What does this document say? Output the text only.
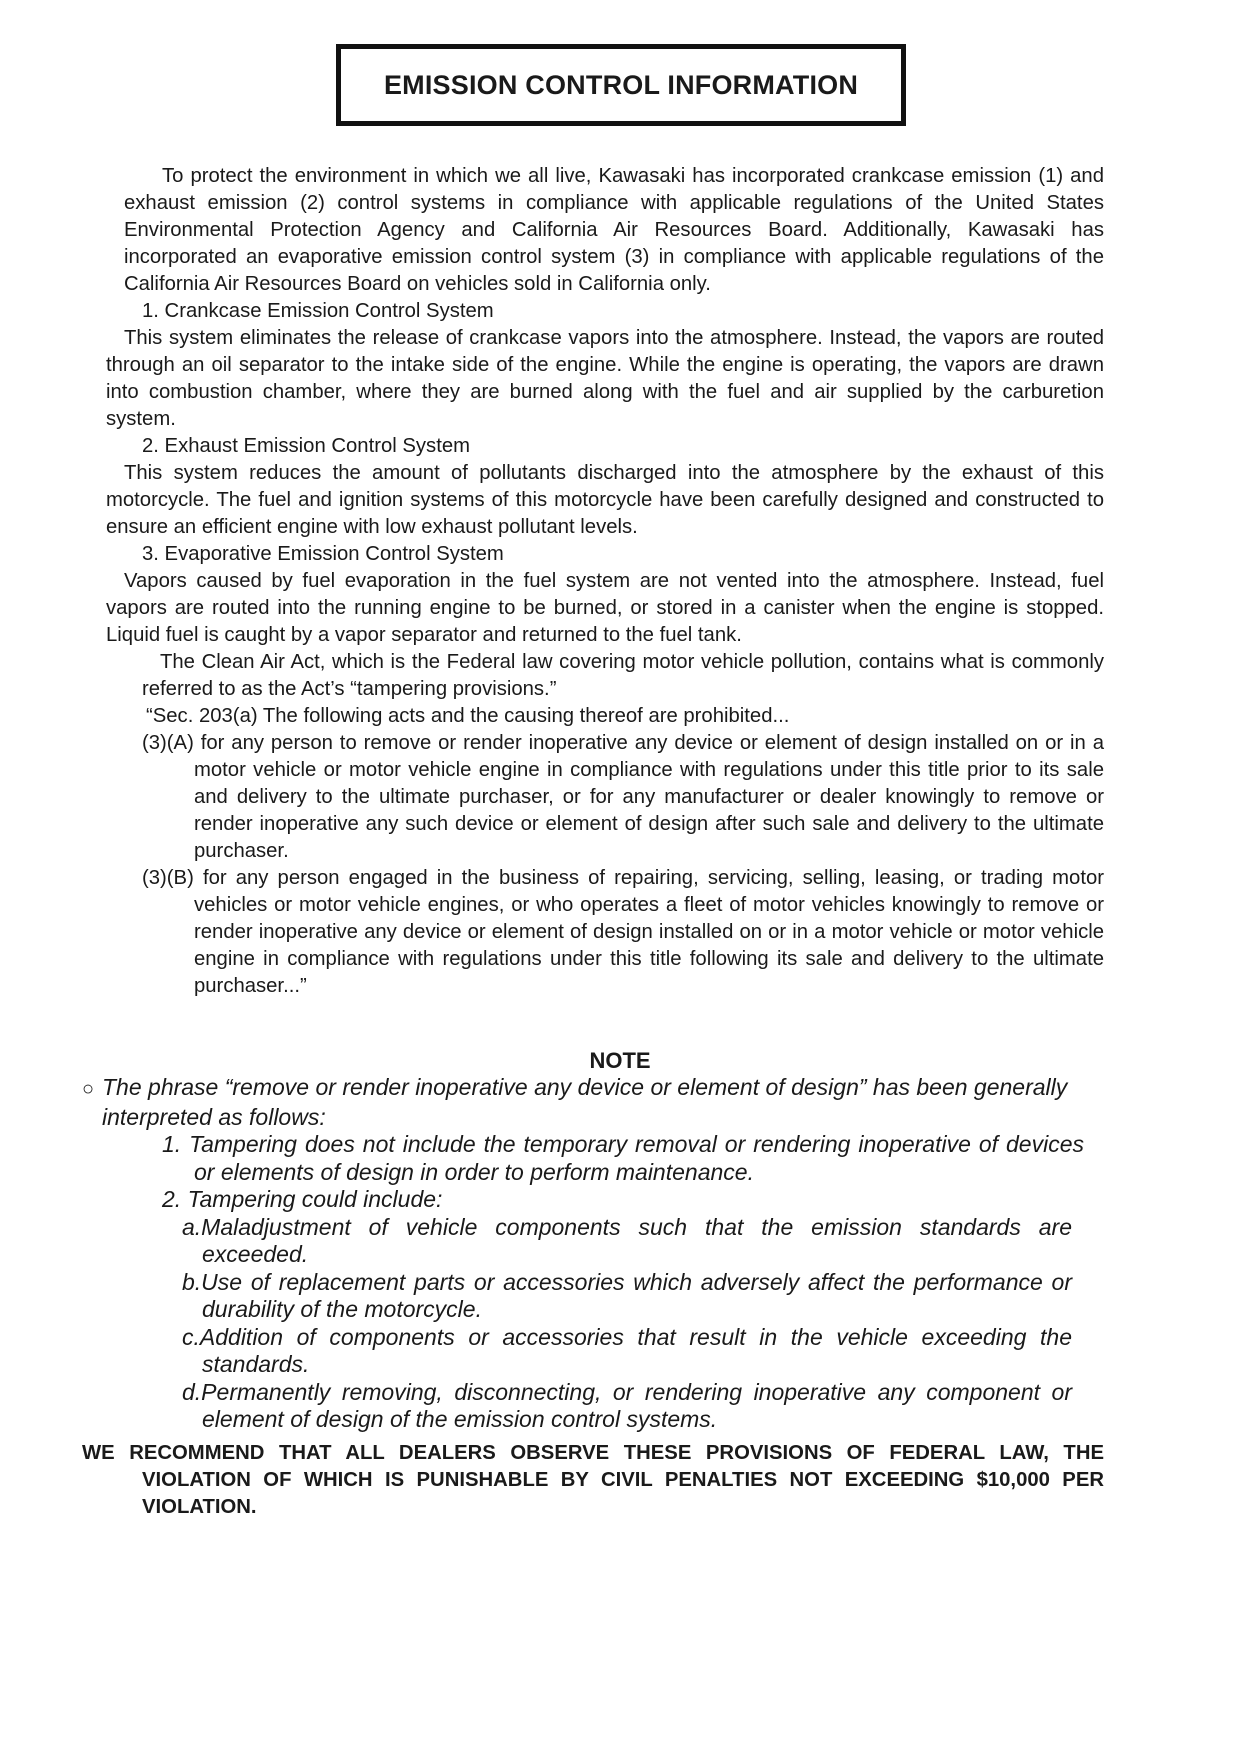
EMISSION CONTROL INFORMATION

To protect the environment in which we all live, Kawasaki has incorporated crankcase emission (1) and exhaust emission (2) control systems in compliance with applicable regulations of the United States Environmental Protection Agency and California Air Resources Board. Additionally, Kawasaki has incorporated an evaporative emission control system (3) in compliance with applicable regulations of the California Air Resources Board on vehicles sold in California only.

1. Crankcase Emission Control System

This system eliminates the release of crankcase vapors into the atmosphere. Instead, the vapors are routed through an oil separator to the intake side of the engine. While the engine is operating, the vapors are drawn into combustion chamber, where they are burned along with the fuel and air supplied by the carburetion system.

2. Exhaust Emission Control System

This system reduces the amount of pollutants discharged into the atmosphere by the exhaust of this motorcycle. The fuel and ignition systems of this motorcycle have been carefully designed and constructed to ensure an efficient engine with low exhaust pollutant levels.

3. Evaporative Emission Control System

Vapors caused by fuel evaporation in the fuel system are not vented into the atmosphere. Instead, fuel vapors are routed into the running engine to be burned, or stored in a canister when the engine is stopped. Liquid fuel is caught by a vapor separator and returned to the fuel tank.

The Clean Air Act, which is the Federal law covering motor vehicle pollution, contains what is commonly referred to as the Act’s “tampering provisions.”

“Sec. 203(a) The following acts and the causing thereof are prohibited...

(3)(A) for any person to remove or render inoperative any device or element of design installed on or in a motor vehicle or motor vehicle engine in compliance with regulations under this title prior to its sale and delivery to the ultimate purchaser, or for any manufacturer or dealer knowingly to remove or render inoperative any such device or element of design after such sale and delivery to the ultimate purchaser.

(3)(B) for any person engaged in the business of repairing, servicing, selling, leasing, or trading motor vehicles or motor vehicle engines, or who operates a fleet of motor vehicles knowingly to remove or render inoperative any device or element of design installed on or in a motor vehicle or motor vehicle engine in compliance with regulations under this title following its sale and delivery to the ultimate purchaser...”

NOTE

○ The phrase “remove or render inoperative any device or element of design” has been generally interpreted as follows:

1. Tampering does not include the temporary removal or rendering inoperative of devices or elements of design in order to perform maintenance.

2. Tampering could include:

a.Maladjustment of vehicle components such that the emission standards are exceeded.

b.Use of replacement parts or accessories which adversely affect the performance or durability of the motorcycle.

c.Addition of components or accessories that result in the vehicle exceeding the standards.

d.Permanently removing, disconnecting, or rendering inoperative any component or element of design of the emission control systems.

WE RECOMMEND THAT ALL DEALERS OBSERVE THESE PROVISIONS OF FEDERAL LAW, THE VIOLATION OF WHICH IS PUNISHABLE BY CIVIL PENALTIES NOT EXCEEDING $10,000 PER VIOLATION.
